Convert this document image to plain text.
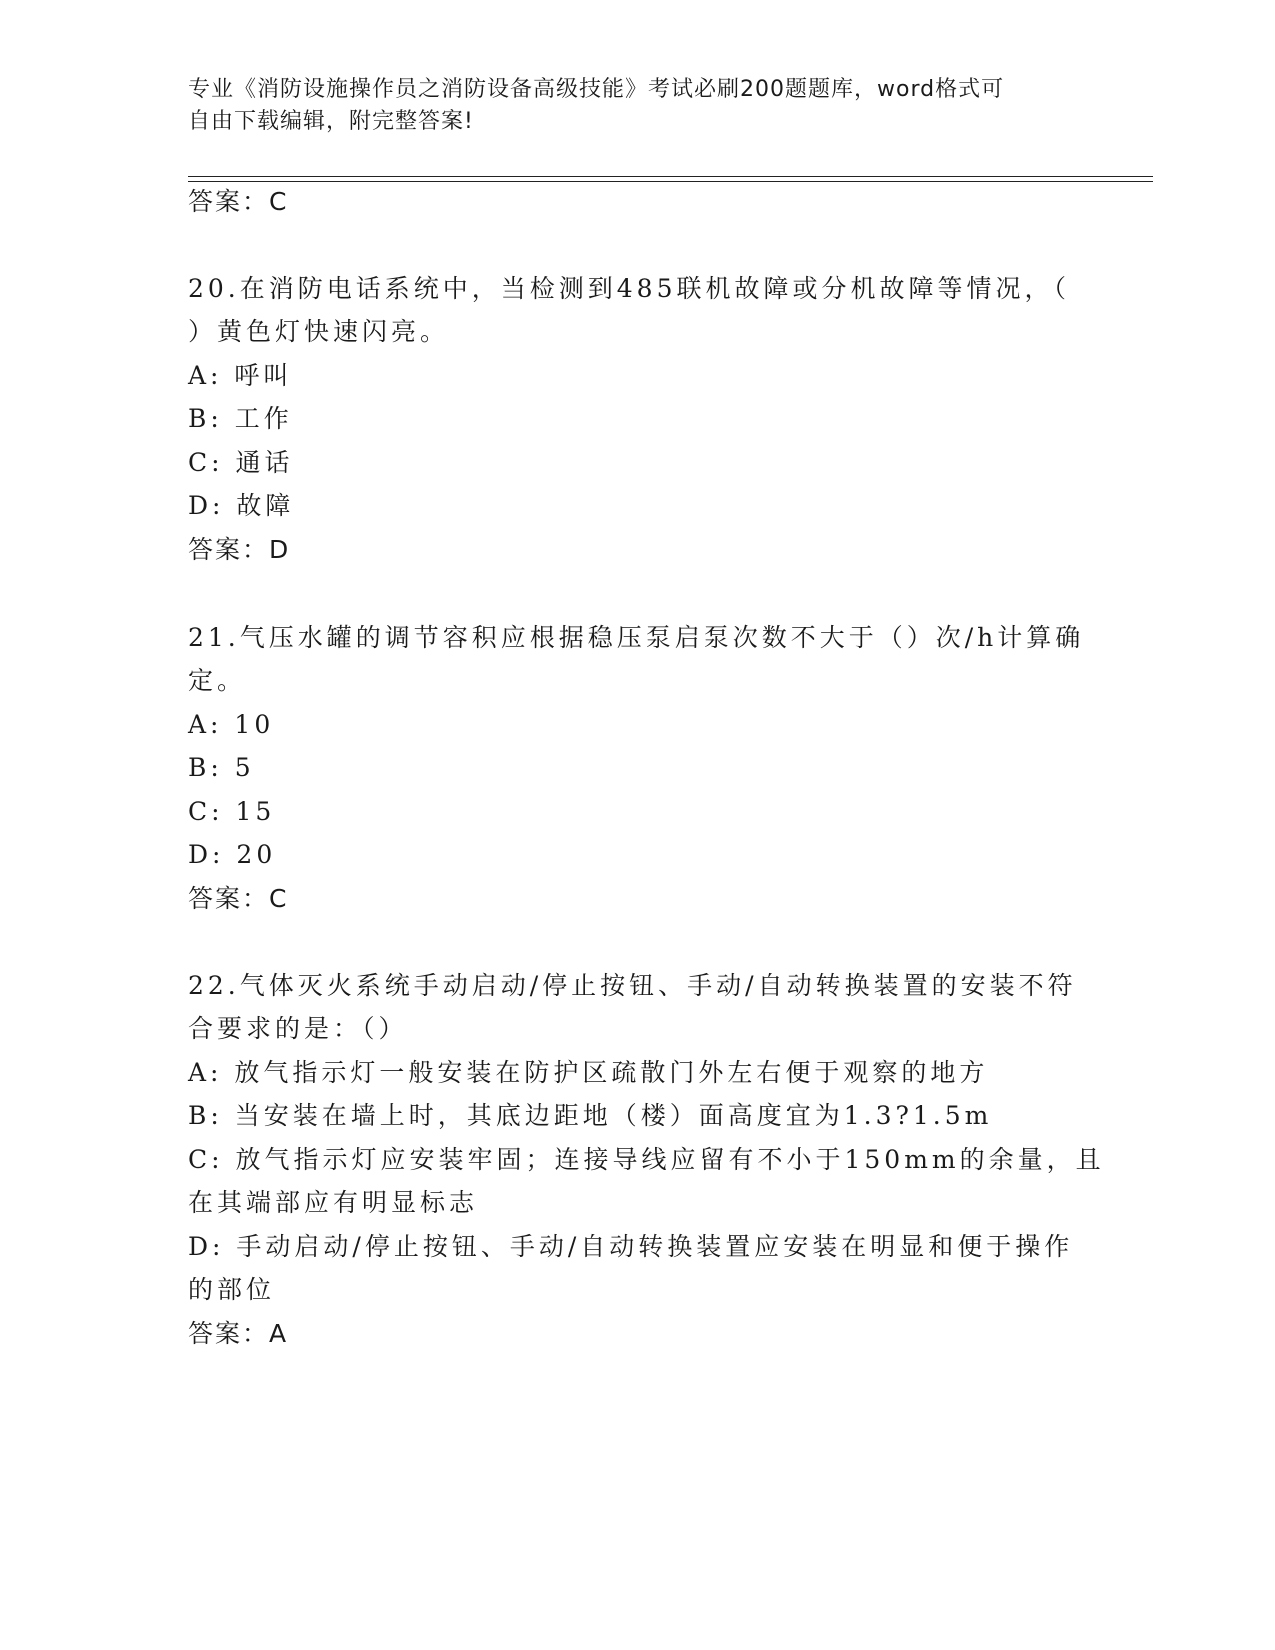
专业《消防设施操作员之消防设备高级技能》考试必刷200题题库，word格式可
自由下载编辑，附完整答案!
答案：C
20.在消防电话系统中，当检测到485联机故障或分机故障等情况，（
）黄色灯快速闪亮。
A: 呼叫
B: 工作
C: 通话
D: 故障
答案：D
21.气压水罐的调节容积应根据稳压泵启泵次数不大于（）次/h计算确
定。
A: 10
B: 5
C: 15
D: 20
答案：C
22.气体灭火系统手动启动/停止按钮、手动/自动转换装置的安装不符
合要求的是：（）
A: 放气指示灯一般安装在防护区疏散门外左右便于观察的地方
B: 当安装在墙上时，其底边距地（楼）面高度宜为1.3?1.5m
C: 放气指示灯应安装牢固；连接导线应留有不小于150mm的余量，且
在其端部应有明显标志
D: 手动启动/停止按钮、手动/自动转换装置应安装在明显和便于操作
的部位
答案：A
